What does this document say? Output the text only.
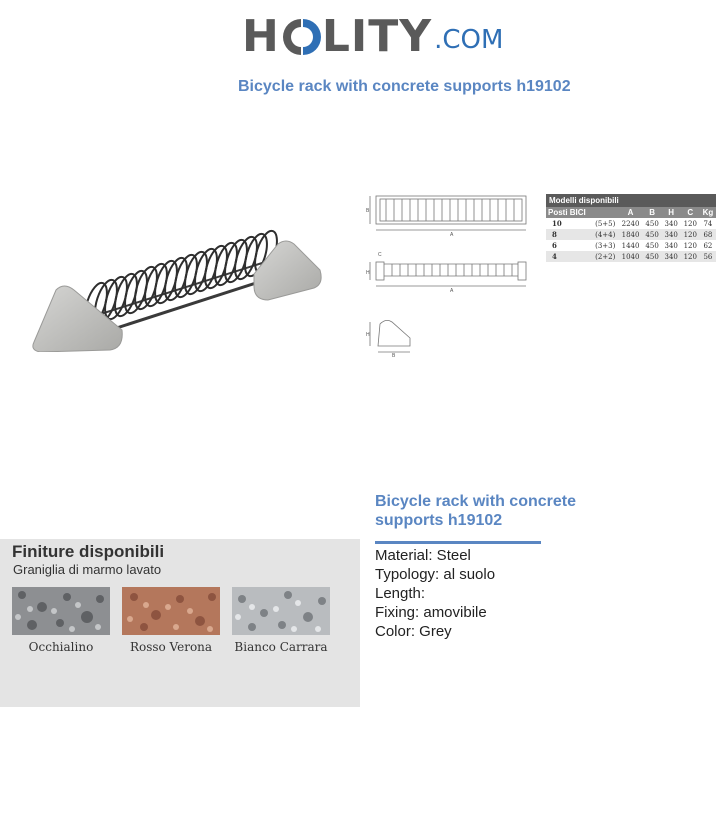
H LITY .COM
Bicycle rack with concrete supports h19102
B
A
C
H
A
H
B
Modelli disponibili						
Posti BICI		A	B	H	C	Kg
10	(5+5)	2240	450	340	120	74
8	(4+4)	1840	450	340	120	68
6	(3+3)	1440	450	340	120	62
4	(2+2)	1040	450	340	120	56
Finiture disponibili
Graniglia di marmo lavato
Occhialino	Rosso Verona	Bianco Carrara
Bicycle rack with concrete supports h19102
Material: Steel
Typology: al suolo
Length:
Fixing: amovibile
Color: Grey
